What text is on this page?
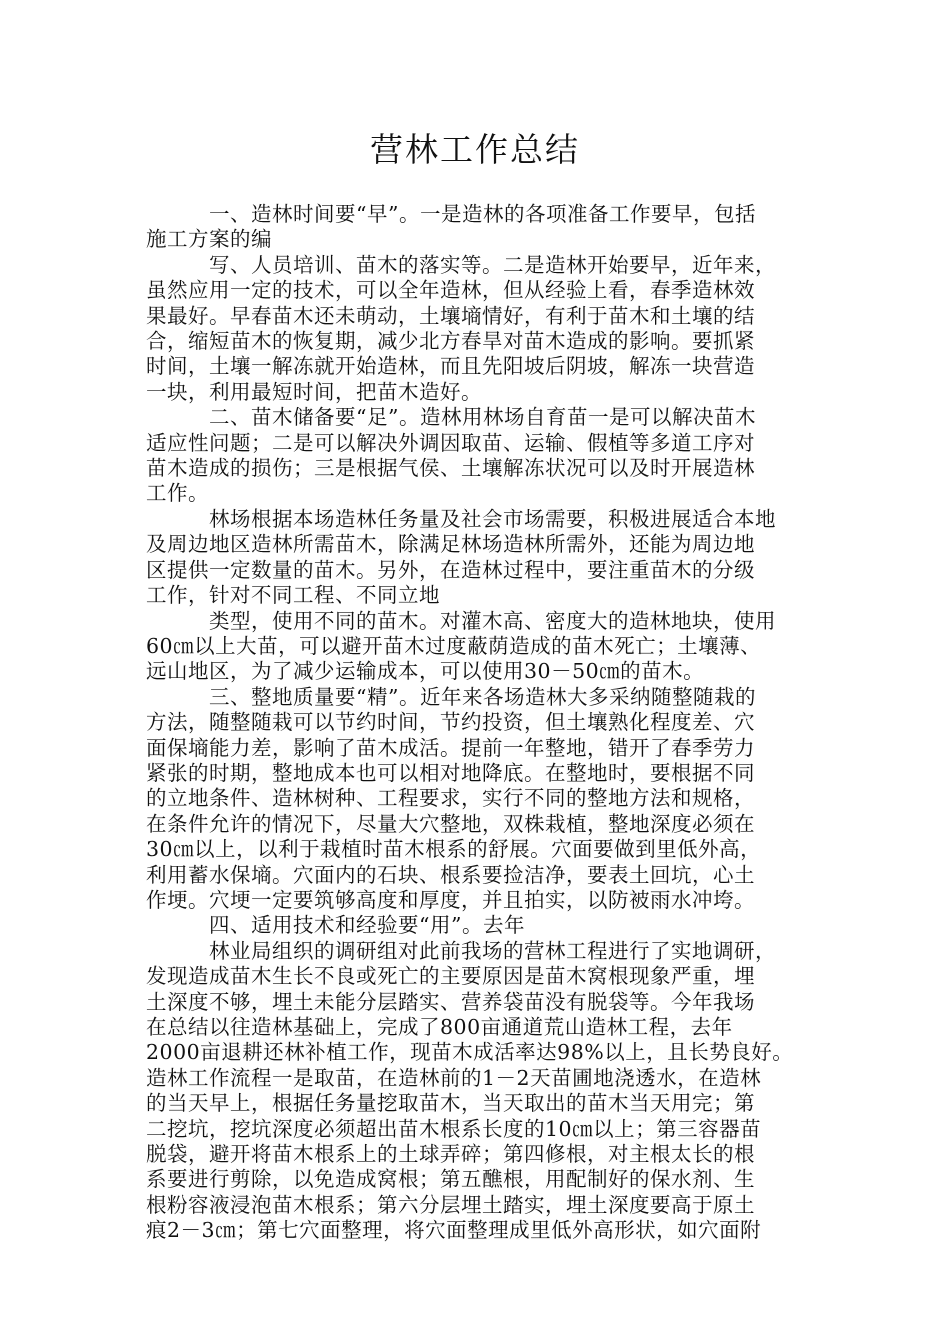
营林工作总结
　　　一、造林时间要“早”。一是造林的各项准备工作要早，包括
施工方案的编
　　　写、人员培训、苗木的落实等。二是造林开始要早，近年来，
虽然应用一定的技术，可以全年造林，但从经验上看，春季造林效
果最好。早春苗木还未萌动，土壤墒情好，有利于苗木和土壤的结
合，缩短苗木的恢复期，减少北方春旱对苗木造成的影响。要抓紧
时间，土壤一解冻就开始造林，而且先阳坡后阴坡，解冻一块营造
一块，利用最短时间，把苗木造好。
　　　二、苗木储备要“足”。造林用林场自育苗一是可以解决苗木
适应性问题；二是可以解决外调因取苗、运输、假植等多道工序对
苗木造成的损伤；三是根据气侯、土壤解冻状况可以及时开展造林
工作。
　　　林场根据本场造林任务量及社会市场需要，积极进展适合本地
及周边地区造林所需苗木，除满足林场造林所需外，还能为周边地
区提供一定数量的苗木。另外，在造林过程中，要注重苗木的分级
工作，针对不同工程、不同立地
　　　类型，使用不同的苗木。对灌木高、密度大的造林地块，使用
60㎝以上大苗，可以避开苗木过度蔽荫造成的苗木死亡；土壤薄、
远山地区，为了减少运输成本，可以使用30－50㎝的苗木。
　　　三、整地质量要“精”。近年来各场造林大多采纳随整随栽的
方法，随整随栽可以节约时间，节约投资，但土壤熟化程度差、穴
面保墒能力差，影响了苗木成活。提前一年整地，错开了春季劳力
紧张的时期，整地成本也可以相对地降底。在整地时，要根据不同
的立地条件、造林树种、工程要求，实行不同的整地方法和规格，
在条件允许的情况下，尽量大穴整地，双株栽植，整地深度必须在
30㎝以上，以利于栽植时苗木根系的舒展。穴面要做到里低外高，
利用蓄水保墒。穴面内的石块、根系要捡洁净，要表土回坑，心土
作埂。穴埂一定要筑够高度和厚度，并且拍实，以防被雨水冲垮。
　　　四、适用技术和经验要“用”。去年
　　　林业局组织的调研组对此前我场的营林工程进行了实地调研，
发现造成苗木生长不良或死亡的主要原因是苗木窝根现象严重，埋
土深度不够，埋土未能分层踏实、营养袋苗没有脱袋等。今年我场
在总结以往造林基础上，完成了800亩通道荒山造林工程，去年
2000亩退耕还林补植工作，现苗木成活率达98%以上，且长势良好。
造林工作流程一是取苗，在造林前的1－2天苗圃地浇透水，在造林
的当天早上，根据任务量挖取苗木，当天取出的苗木当天用完；第
二挖坑，挖坑深度必须超出苗木根系长度的10㎝以上；第三容器苗
脱袋，避开将苗木根系上的土球弄碎；第四修根，对主根太长的根
系要进行剪除，以免造成窝根；第五醮根，用配制好的保水剂、生
根粉容液浸泡苗木根系；第六分层埋土踏实，埋土深度要高于原土
痕2－3㎝；第七穴面整理，将穴面整理成里低外高形状，如穴面附
